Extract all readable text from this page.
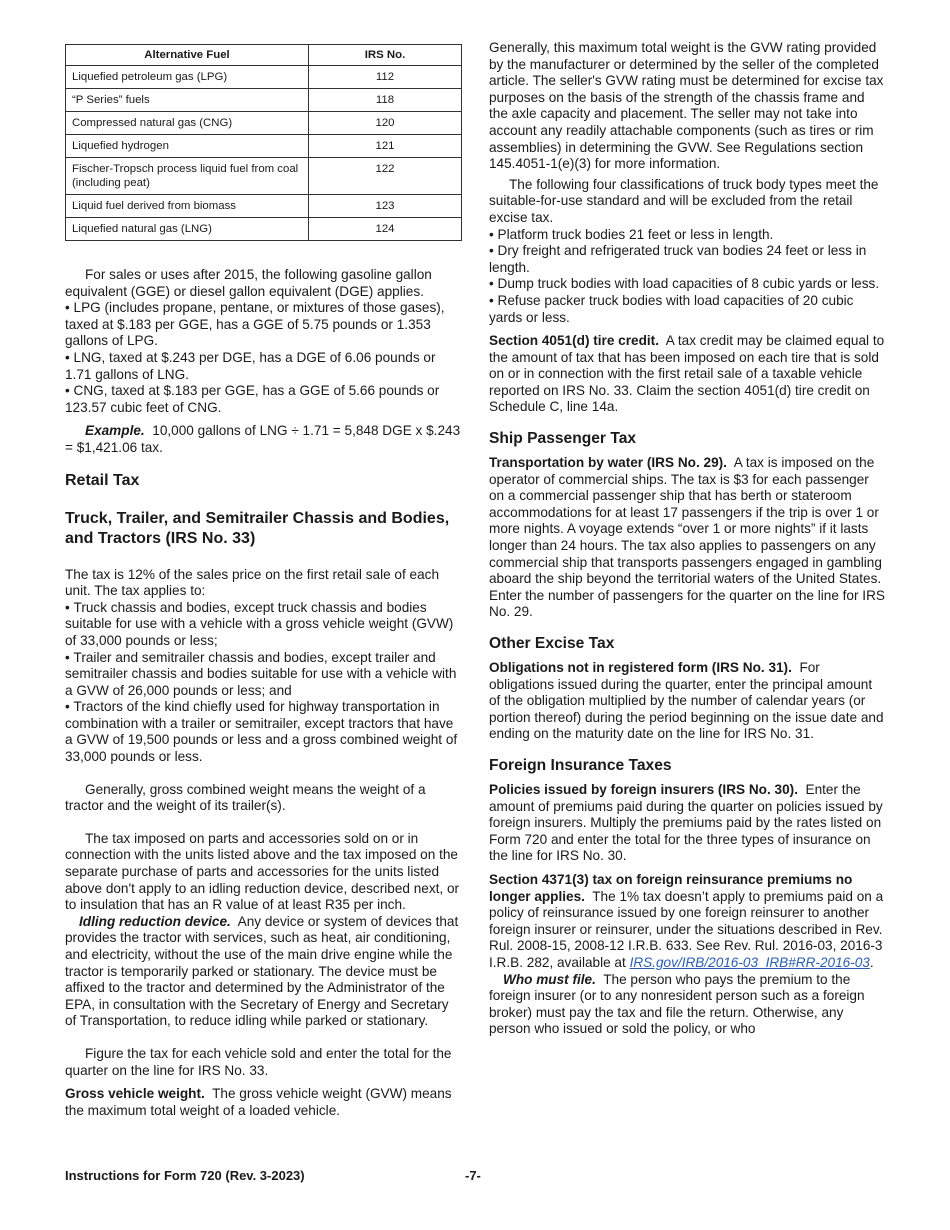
Alternative Fuel	IRS No.
Liquefied petroleum gas (LPG)	112
“P Series” fuels	118
Compressed natural gas (CNG)	120
Liquefied hydrogen	121
Fischer-Tropsch process liquid fuel from coal (including peat)	122
Liquid fuel derived from biomass	123
Liquefied natural gas (LNG)	124

For sales or uses after 2015, the following gasoline gallon equivalent (GGE) or diesel gallon equivalent (DGE) applies.

• LPG (includes propane, pentane, or mixtures of those gases), taxed at $.183 per GGE, has a GGE of 5.75 pounds or 1.353 gallons of LPG.

• LNG, taxed at $.243 per DGE, has a DGE of 6.06 pounds or 1.71 gallons of LNG.

• CNG, taxed at $.183 per GGE, has a GGE of 5.66 pounds or 123.57 cubic feet of CNG.

Example. 10,000 gallons of LNG ÷ 1.71 = 5,848 DGE x $.243 = $1,421.06 tax.

Retail Tax
Truck, Trailer, and Semitrailer Chassis and Bodies, and Tractors (IRS No. 33)

The tax is 12% of the sales price on the first retail sale of each unit. The tax applies to:

• Truck chassis and bodies, except truck chassis and bodies suitable for use with a vehicle with a gross vehicle weight (GVW) of 33,000 pounds or less;

• Trailer and semitrailer chassis and bodies, except trailer and semitrailer chassis and bodies suitable for use with a vehicle with a GVW of 26,000 pounds or less; and

• Tractors of the kind chiefly used for highway transportation in combination with a trailer or semitrailer, except tractors that have a GVW of 19,500 pounds or less and a gross combined weight of 33,000 pounds or less.

Generally, gross combined weight means the weight of a tractor and the weight of its trailer(s).

The tax imposed on parts and accessories sold on or in connection with the units listed above and the tax imposed on the separate purchase of parts and accessories for the units listed above don't apply to an idling reduction device, described next, or to insulation that has an R value of at least R35 per inch.

Idling reduction device. Any device or system of devices that provides the tractor with services, such as heat, air conditioning, and electricity, without the use of the main drive engine while the tractor is temporarily parked or stationary. The device must be affixed to the tractor and determined by the Administrator of the EPA, in consultation with the Secretary of Energy and Secretary of Transportation, to reduce idling while parked or stationary.

Figure the tax for each vehicle sold and enter the total for the quarter on the line for IRS No. 33.

Gross vehicle weight. The gross vehicle weight (GVW) means the maximum total weight of a loaded vehicle.

Generally, this maximum total weight is the GVW rating provided by the manufacturer or determined by the seller of the completed article. The seller's GVW rating must be determined for excise tax purposes on the basis of the strength of the chassis frame and the axle capacity and placement. The seller may not take into account any readily attachable components (such as tires or rim assemblies) in determining the GVW. See Regulations section 145.4051-1(e)(3) for more information.

The following four classifications of truck body types meet the suitable-for-use standard and will be excluded from the retail excise tax.

• Platform truck bodies 21 feet or less in length.

• Dry freight and refrigerated truck van bodies 24 feet or less in length.

• Dump truck bodies with load capacities of 8 cubic yards or less.

• Refuse packer truck bodies with load capacities of 20 cubic yards or less.

Section 4051(d) tire credit. A tax credit may be claimed equal to the amount of tax that has been imposed on each tire that is sold on or in connection with the first retail sale of a taxable vehicle reported on IRS No. 33. Claim the section 4051(d) tire credit on Schedule C, line 14a.

Ship Passenger Tax

Transportation by water (IRS No. 29). A tax is imposed on the operator of commercial ships. The tax is $3 for each passenger on a commercial passenger ship that has berth or stateroom accommodations for at least 17 passengers if the trip is over 1 or more nights. A voyage extends “over 1 or more nights” if it lasts longer than 24 hours. The tax also applies to passengers on any commercial ship that transports passengers engaged in gambling aboard the ship beyond the territorial waters of the United States. Enter the number of passengers for the quarter on the line for IRS No. 29.

Other Excise Tax

Obligations not in registered form (IRS No. 31). For obligations issued during the quarter, enter the principal amount of the obligation multiplied by the number of calendar years (or portion thereof) during the period beginning on the issue date and ending on the maturity date on the line for IRS No. 31.

Foreign Insurance Taxes

Policies issued by foreign insurers (IRS No. 30). Enter the amount of premiums paid during the quarter on policies issued by foreign insurers. Multiply the premiums paid by the rates listed on Form 720 and enter the total for the three types of insurance on the line for IRS No. 30.

Section 4371(3) tax on foreign reinsurance premiums no longer applies. The 1% tax doesn’t apply to premiums paid on a policy of reinsurance issued by one foreign reinsurer to another foreign insurer or reinsurer, under the situations described in Rev. Rul. 2008-15, 2008-12 I.R.B. 633. See Rev. Rul. 2016-03, 2016-3 I.R.B. 282, available at IRS.gov/IRB/2016-03_IRB#RR-2016-03.

Who must file. The person who pays the premium to the foreign insurer (or to any nonresident person such as a foreign broker) must pay the tax and file the return. Otherwise, any person who issued or sold the policy, or who

Instructions for Form 720 (Rev. 3-2023)	-7-
